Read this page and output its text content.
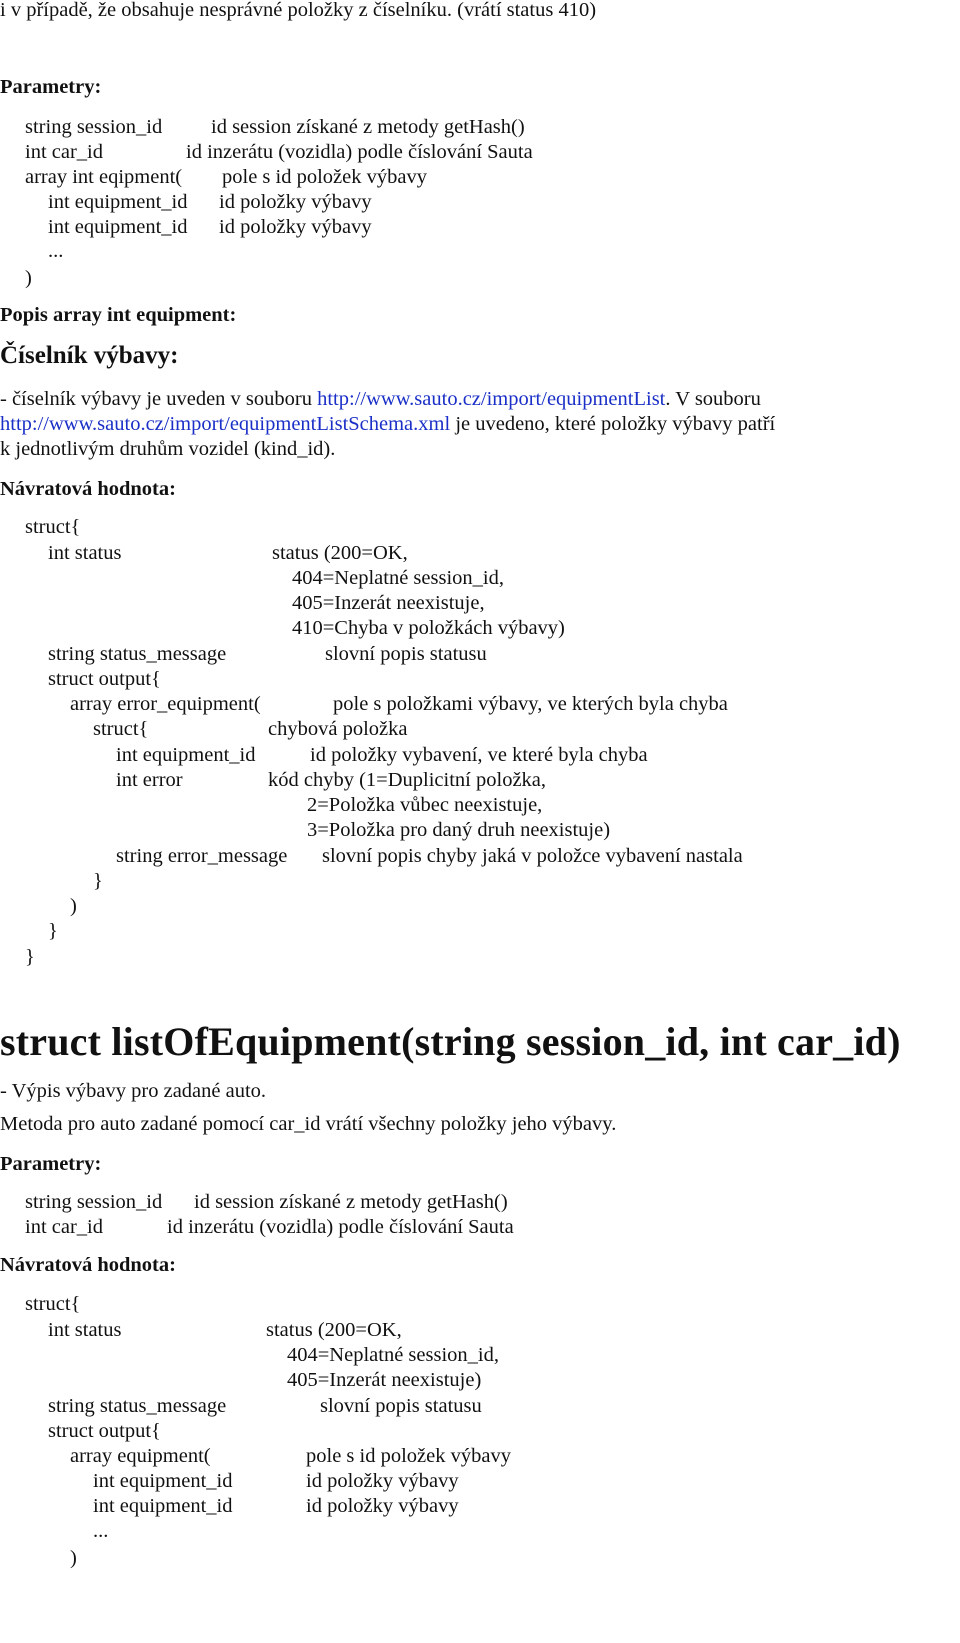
i v případě, že obsahuje nesprávné položky z číselníku. (vrátí status 410)
Parametry:
string session_id id session získané z metody getHash()
int car_id	id inzerátu (vozidla) podle číslování Sauta
array int eqipment( pole s id položek výbavy
int equipment_id id položky výbavy
int equipment_id id položky výbavy
...
)
Popis array int equipment:
Číselník výbavy:
- číselník výbavy je uveden v souboru http://www.sauto.cz/import/equipmentList. V souboru
http://www.sauto.cz/import/equipmentListSchema.xml je uvedeno, které položky výbavy patří
k jednotlivým druhům vozidel (kind_id).
Návratová hodnota:
struct{
int status	status (200=OK,
404=Neplatné session_id,
405=Inzerát neexistuje,
410=Chyba v položkách výbavy)
string status_message	slovní popis statusu
struct output{
array error_equipment(	pole s položkami výbavy, ve kterých byla chyba
struct{	chybová položka
int equipment_id	id položky vybavení, ve které byla chyba
int error	kód chyby (1=Duplicitní položka,
2=Položka vůbec neexistuje,
3=Položka pro daný druh neexistuje)
string error_message slovní popis chyby jaká v položce vybavení nastala
}
)
}
}
struct listOfEquipment(string session_id, int car_id)
- Výpis výbavy pro zadané auto.
Metoda pro auto zadané pomocí car_id vrátí všechny položky jeho výbavy.
Parametry:
string session_id id session získané z metody getHash()
int car_id	id inzerátu (vozidla) podle číslování Sauta
Návratová hodnota:
struct{
int status	status (200=OK,
404=Neplatné session_id,
405=Inzerát neexistuje)
string status_message	slovní popis statusu
struct output{
array equipment(	pole s id položek výbavy
int equipment_id	id položky výbavy
int equipment_id	id položky výbavy
...
)
